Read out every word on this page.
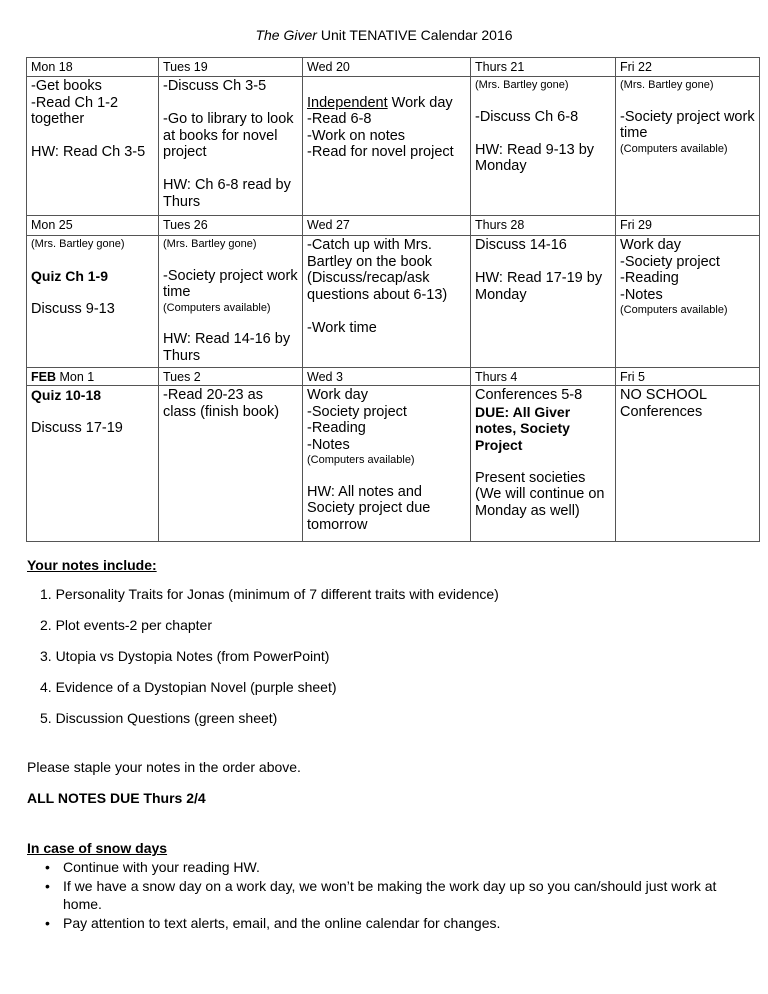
The Giver Unit TENATIVE Calendar 2016
Mon 18
-Get books
-Read Ch 1-2 together
HW: Read Ch 3-5
Tues 19
-Discuss Ch 3-5
-Go to library to look at books for novel project
HW: Ch 6-8 read by Thurs
Wed 20
Independent Work day
-Read 6-8
-Work on notes
-Read for novel project
Thurs 21
(Mrs. Bartley gone)
-Discuss Ch 6-8
HW: Read 9-13 by Monday
Fri 22
(Mrs. Bartley gone)
-Society project work time
(Computers available)
Mon 25
(Mrs. Bartley gone)
Quiz Ch 1-9
Discuss 9-13
Tues 26
(Mrs. Bartley gone)
-Society project work time
(Computers available)
HW: Read 14-16 by Thurs
Wed 27
-Catch up with Mrs. Bartley on the book (Discuss/recap/ask questions about 6-13)
-Work time
Thurs 28
Discuss 14-16
HW: Read 17-19 by Monday
Fri 29
Work day
-Society project
-Reading
-Notes
(Computers available)
FEB Mon 1
Quiz 10-18
Discuss 17-19
Tues 2
-Read 20-23 as class (finish book)
Wed 3
Work day
-Society project
-Reading
-Notes
(Computers available)
HW: All notes and Society project due tomorrow
Thurs 4
Conferences 5-8
DUE: All Giver notes, Society Project
Present societies (We will continue on Monday as well)
Fri 5
NO SCHOOL Conferences
Your notes include:
1. Personality Traits for Jonas (minimum of 7 different traits with evidence)
2. Plot events-2 per chapter
3. Utopia vs Dystopia Notes (from PowerPoint)
4. Evidence of a Dystopian Novel (purple sheet)
5. Discussion Questions (green sheet)
Please staple your notes in the order above.
ALL NOTES DUE Thurs 2/4
In case of snow days
• Continue with your reading HW.
• If we have a snow day on a work day, we won’t be making the work day up so you can/should just work at home.
• Pay attention to text alerts, email, and the online calendar for changes.
